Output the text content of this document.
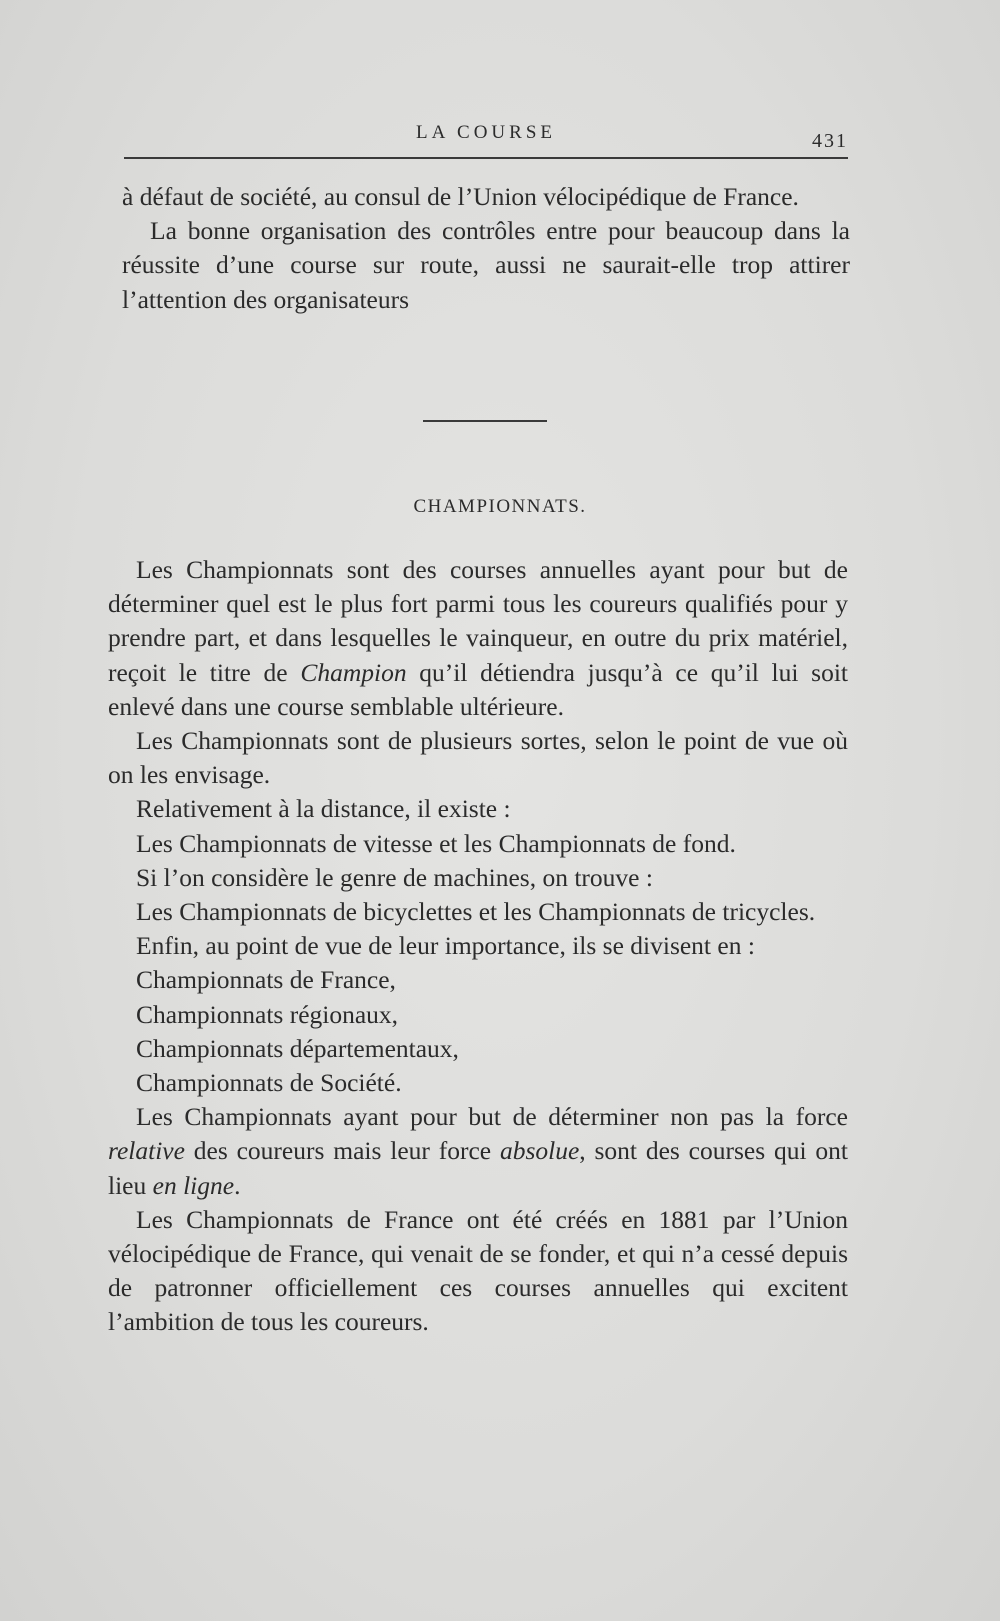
LA COURSE	431

à défaut de société, au consul de l’Union vélocipédique de France.

La bonne organisation des contrôles entre pour beaucoup dans la réussite d’une course sur route, aussi ne saurait-elle trop attirer l’attention des organisateurs

CHAMPIONNATS.

Les Championnats sont des courses annuelles ayant pour but de déterminer quel est le plus fort parmi tous les coureurs qualifiés pour y prendre part, et dans lesquelles le vainqueur, en outre du prix matériel, reçoit le titre de Champion qu’il détiendra jusqu’à ce qu’il lui soit enlevé dans une course semblable ultérieure.

Les Championnats sont de plusieurs sortes, selon le point de vue où on les envisage.

Relativement à la distance, il existe :

Les Championnats de vitesse et les Championnats de fond.

Si l’on considère le genre de machines, on trouve :

Les Championnats de bicyclettes et les Championnats de tricycles.

Enfin, au point de vue de leur importance, ils se divisent en :

Championnats de France,

Championnats régionaux,

Championnats départementaux,

Championnats de Société.

Les Championnats ayant pour but de déterminer non pas la force relative des coureurs mais leur force absolue, sont des courses qui ont lieu en ligne.

Les Championnats de France ont été créés en 1881 par l’Union vélocipédique de France, qui venait de se fonder, et qui n’a cessé depuis de patronner officiellement ces courses annuelles qui excitent l’ambition de tous les coureurs.
